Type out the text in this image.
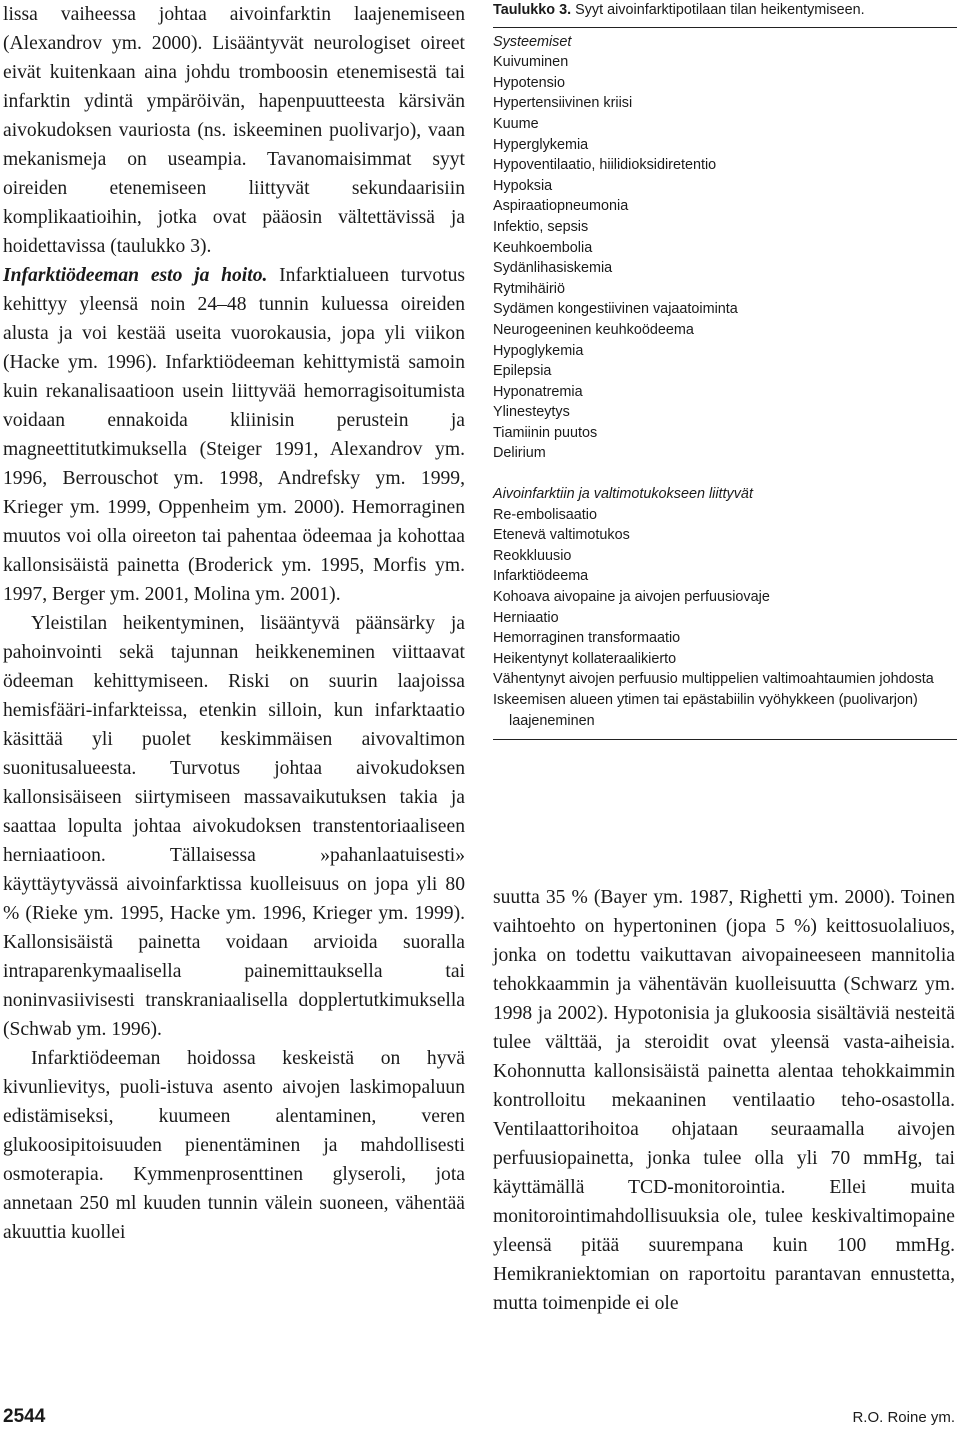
lissa vaiheessa johtaa aivoinfarktin laajenemiseen (Alexandrov ym. 2000). Lisääntyvät neurologiset oireet eivät kuitenkaan aina johdu tromboosin etenemisestä tai infarktin ydintä ympäröivän, hapenpuutteesta kärsivän aivokudoksen vauriosta (ns. iskeeminen puolivarjo), vaan mekanismeja on useampia. Tavanomaisimmat syyt oireiden etenemiseen liittyvät sekundaarisiin komplikaatioihin, jotka ovat pääosin vältettävissä ja hoidettavissa (taulukko 3).

Infarktiödeeman esto ja hoito. Infarktialueen turvotus kehittyy yleensä noin 24–48 tunnin kuluessa oireiden alusta ja voi kestää useita vuorokausia, jopa yli viikon (Hacke ym. 1996). Infarktiödeeman kehittymistä samoin kuin rekanalisaatioon usein liittyvää hemorragisoitumista voidaan ennakoida kliinisin perustein ja magneettitutkimuksella (Steiger 1991, Alexandrov ym. 1996, Berrouschot ym. 1998, Andrefsky ym. 1999, Krieger ym. 1999, Oppenheim ym. 2000). Hemorraginen muutos voi olla oireeton tai pahentaa ödeemaa ja kohottaa kallonsisäistä painetta (Broderick ym. 1995, Morfis ym. 1997, Berger ym. 2001, Molina ym. 2001).

Yleistilan heikentyminen, lisääntyvä päänsärky ja pahoinvointi sekä tajunnan heikkeneminen viittaavat ödeeman kehittymiseen. Riski on suurin laajoissa hemisfääri-infarkteissa, etenkin silloin, kun infarktaatio käsittää yli puolet keskimmäisen aivovaltimon suonitusalueesta. Turvotus johtaa aivokudoksen kallonsisäiseen siirtymiseen massavaikutuksen takia ja saattaa lopulta johtaa aivokudoksen transtentoriaaliseen herniaatioon. Tällaisessa »pahanlaatuisesti» käyttäytyvässä aivoinfarktissa kuolleisuus on jopa yli 80 % (Rieke ym. 1995, Hacke ym. 1996, Krieger ym. 1999). Kallonsisäistä painetta voidaan arvioida suoralla intraparenkymaalisella painemittauksella tai noninvasiivisesti transkraniaalisella dopplertutkimuksella (Schwab ym. 1996).

Infarktiödeeman hoidossa keskeistä on hyvä kivunlievitys, puoli-istuva asento aivojen laskimopaluun edistämiseksi, kuumeen alentaminen, veren glukoosipitoisuuden pienentäminen ja mahdollisesti osmoterapia. Kymmenprosenttinen glyseroli, jota annetaan 250 ml kuuden tunnin välein suoneen, vähentää akuuttia kuollei

Taulukko 3. Syyt aivoinfarktipotilaan tilan heikentymiseen.

Systeemiset

Kuivuminen
Hypotensio
Hypertensiivinen kriisi
Kuume
Hyperglykemia
Hypoventilaatio, hiilidioksidiretentio
Hypoksia
Aspiraatiopneumonia
Infektio, sepsis
Keuhkoembolia
Sydänlihasiskemia
Rytmihäiriö
Sydämen kongestiivinen vajaatoiminta
Neurogeeninen keuhkoödeema
Hypoglykemia
Epilepsia
Hyponatremia
Ylinesteytys
Tiamiinin puutos
Delirium

Aivoinfarktiin ja valtimotukokseen liittyvät

Re-embolisaatio
Etenevä valtimotukos
Reokkluusio
Infarktiödeema
Kohoava aivopaine ja aivojen perfuusiovaje
Herniaatio
Hemorraginen transformaatio
Heikentynyt kollateraalikierto
Vähentynyt aivojen perfuusio multippelien valtimoahtaumien johdosta
Iskeemisen alueen ytimen tai epästabiilin vyöhykkeen (puolivarjon) laajeneminen

suutta 35 % (Bayer ym. 1987, Righetti ym. 2000). Toinen vaihtoehto on hypertoninen (jopa 5 %) keittosuolaliuos, jonka on todettu vaikuttavan aivopaineeseen mannitolia tehokkaammin ja vähentävän kuolleisuutta (Schwarz ym. 1998 ja 2002). Hypotonisia ja glukoosia sisältäviä nesteitä tulee välttää, ja steroidit ovat yleensä vasta-aiheisia. Kohonnutta kallonsisäistä painetta alentaa tehokkaimmin kontrolloitu mekaaninen ventilaatio teho-osastolla. Ventilaattorihoitoa ohjataan seuraamalla aivojen perfuusiopainetta, jonka tulee olla yli 70 mmHg, tai käyttämällä TCD-monitorointia. Ellei muita monitorointimahdollisuuksia ole, tulee keskivaltimopaine yleensä pitää suurempana kuin 100 mmHg. Hemikraniektomian on raportoitu parantavan ennustetta, mutta toimenpide ei ole

2544	R.O. Roine ym.
